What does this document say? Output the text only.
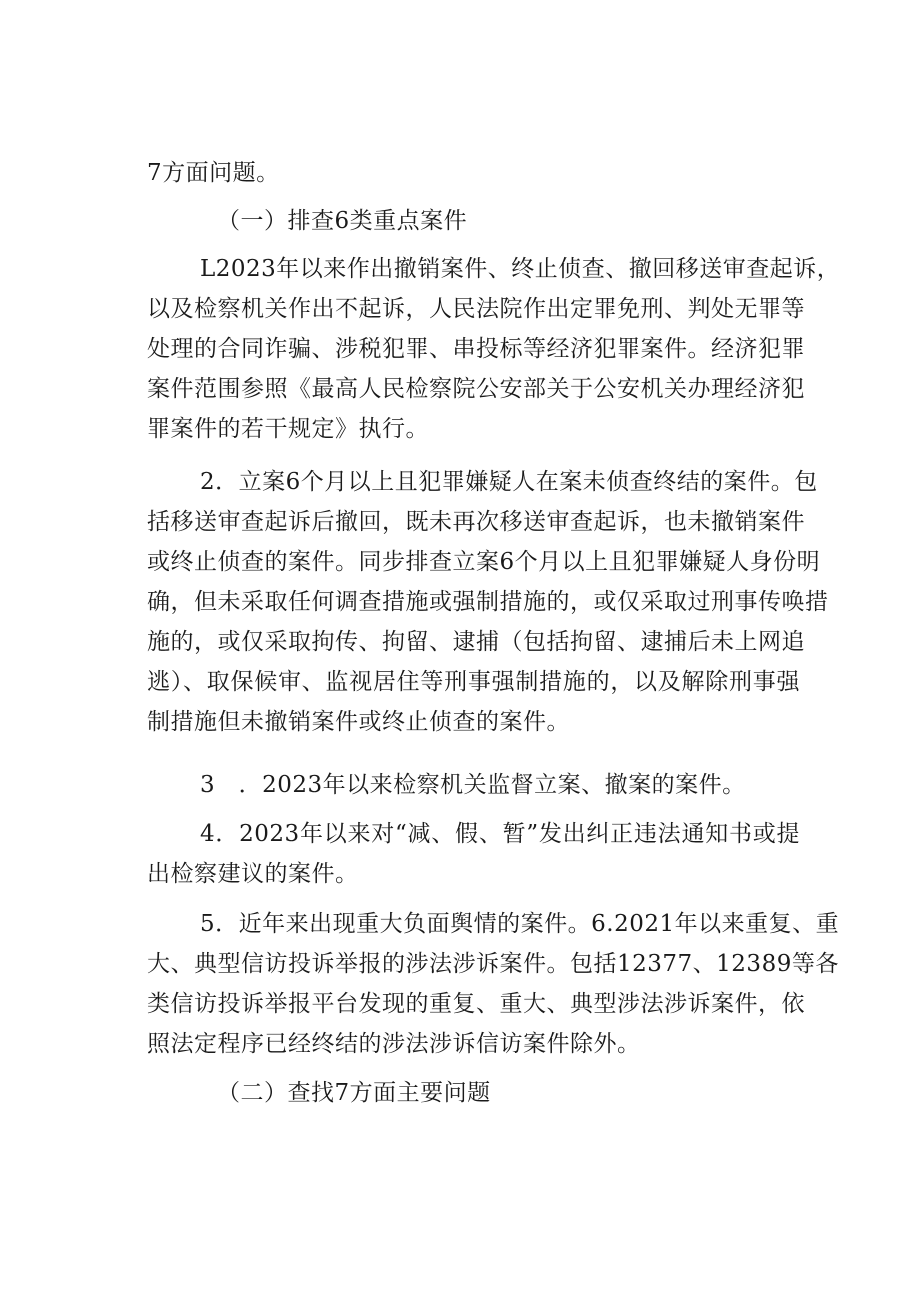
7方面问题。
（一）排查6类重点案件
L2023年以来作出撤销案件、终止侦查、撤回移送审查起诉，
以及检察机关作出不起诉，人民法院作出定罪免刑、判处无罪等
处理的合同诈骗、涉税犯罪、串投标等经济犯罪案件。经济犯罪
案件范围参照《最高人民检察院公安部关于公安机关办理经济犯
罪案件的若干规定》执行。
2．立案6个月以上且犯罪嫌疑人在案未侦查终结的案件。包
括移送审查起诉后撤回，既未再次移送审查起诉，也未撤销案件
或终止侦查的案件。同步排查立案6个月以上且犯罪嫌疑人身份明
确，但未采取任何调查措施或强制措施的，或仅采取过刑事传唤措
施的，或仅采取拘传、拘留、逮捕（包括拘留、逮捕后未上网追
逃）、取保候审、监视居住等刑事强制措施的，以及解除刑事强
制措施但未撤销案件或终止侦查的案件。
3　．2023年以来检察机关监督立案、撤案的案件。
4．2023年以来对“减、假、暂”发出纠正违法通知书或提
出检察建议的案件。
5．近年来出现重大负面舆情的案件。6.2021年以来重复、重
大、典型信访投诉举报的涉法涉诉案件。包括12377、12389等各
类信访投诉举报平台发现的重复、重大、典型涉法涉诉案件，依
照法定程序已经终结的涉法涉诉信访案件除外。
（二）查找7方面主要问题
